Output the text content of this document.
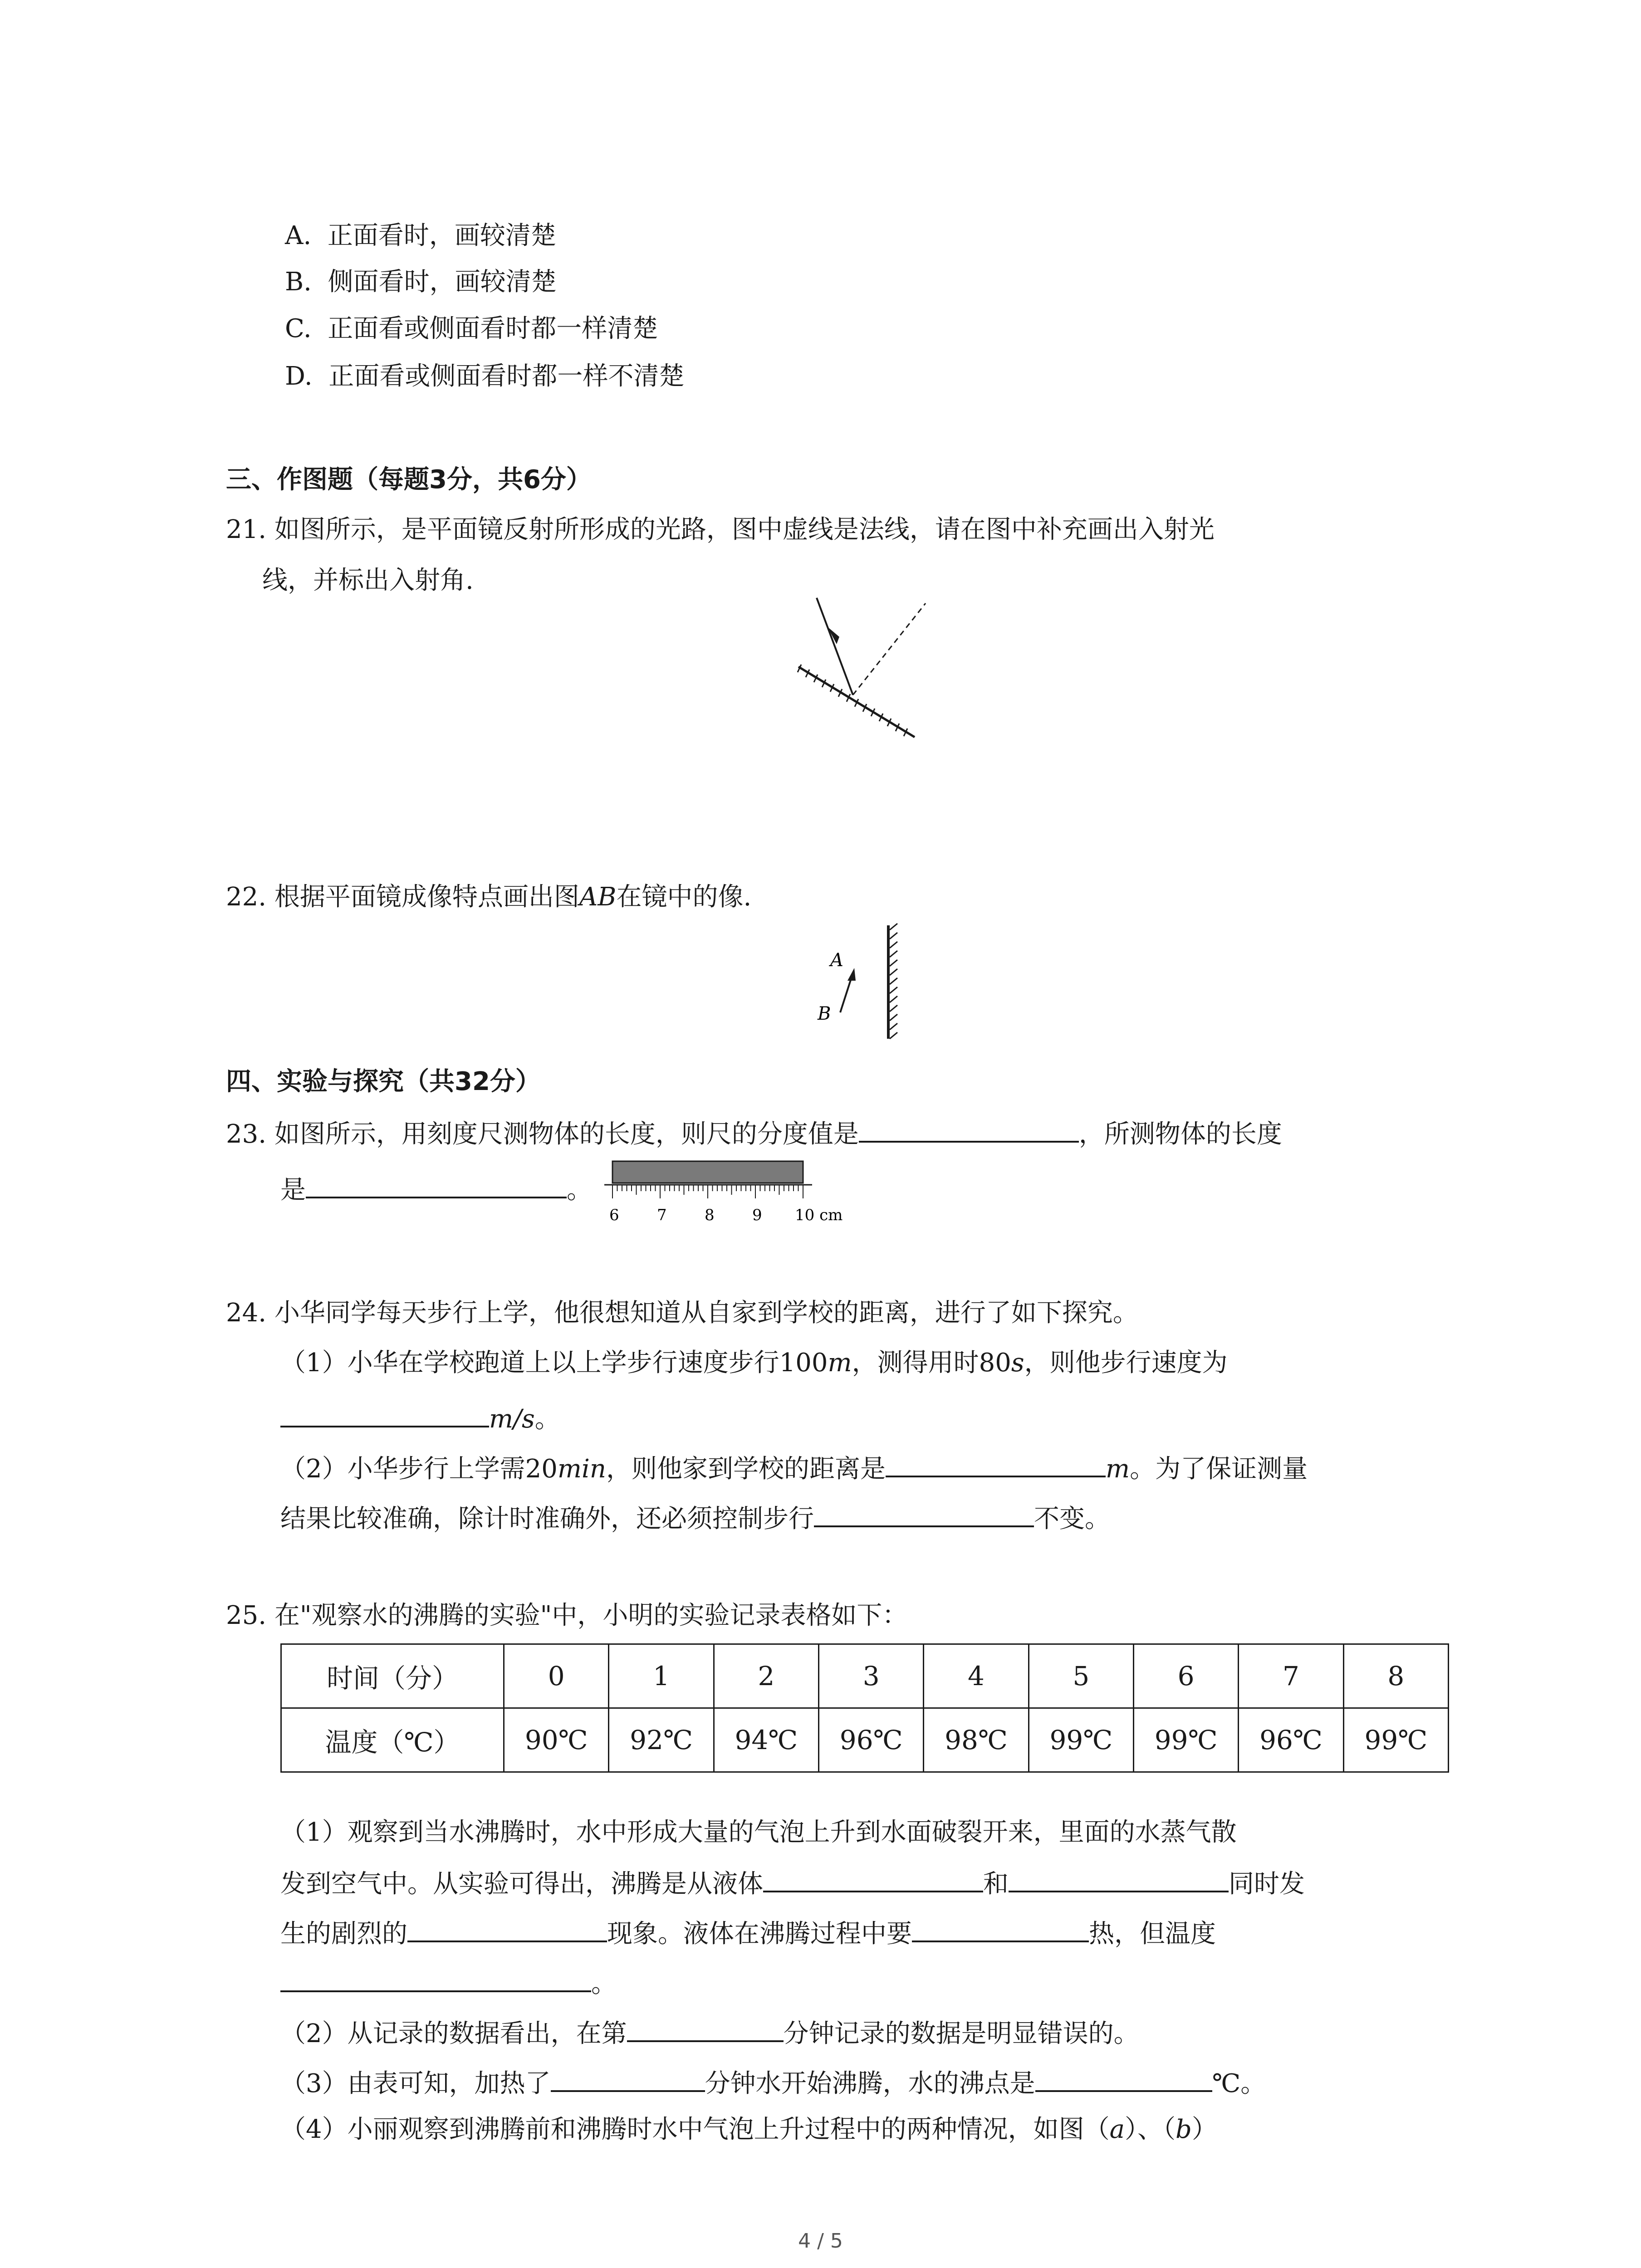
A. 正面看时，画较清楚
B. 侧面看时，画较清楚
C. 正面看或侧面看时都一样清楚
D. 正面看或侧面看时都一样不清楚
三、作图题（每题3分，共6分）
21. 如图所示，是平面镜反射所形成的光路，图中虚线是法线，请在图中补充画出入射光
线，并标出入射角.
22. 根据平面镜成像特点画出图AB在镜中的像.
A
B
四、实验与探究（共32分）
23. 如图所示，用刻度尺测物体的长度，则尺的分度值是	，所测物体的长度
是	。
6 7 8 9 10 cm
24. 小华同学每天步行上学，他很想知道从自家到学校的距离，进行了如下探究。
（1）小华在学校跑道上以上学步行速度步行100m，测得用时80s，则他步行速度为
m/s。
（2）小华步行上学需20min，则他家到学校的距离是	m。为了保证测量
结果比较准确，除计时准确外，还必须控制步行	不变。
25. 在"观察水的沸腾的实验"中，小明的实验记录表格如下：
时间（分）	0	1	2	3	4	5	6	7	8
温度（℃）	90℃	92℃	94℃	96℃	98℃	99℃	99℃	96℃	99℃
（1）观察到当水沸腾时，水中形成大量的气泡上升到水面破裂开来，里面的水蒸气散
发到空气中。从实验可得出，沸腾是从液体	和	同时发
生的剧烈的	现象。液体在沸腾过程中要	热，但温度
。
（2）从记录的数据看出，在第	分钟记录的数据是明显错误的。
（3）由表可知，加热了	分钟水开始沸腾，水的沸点是	℃。
（4）小丽观察到沸腾前和沸腾时水中气泡上升过程中的两种情况，如图（a）、（b）
4 / 5
